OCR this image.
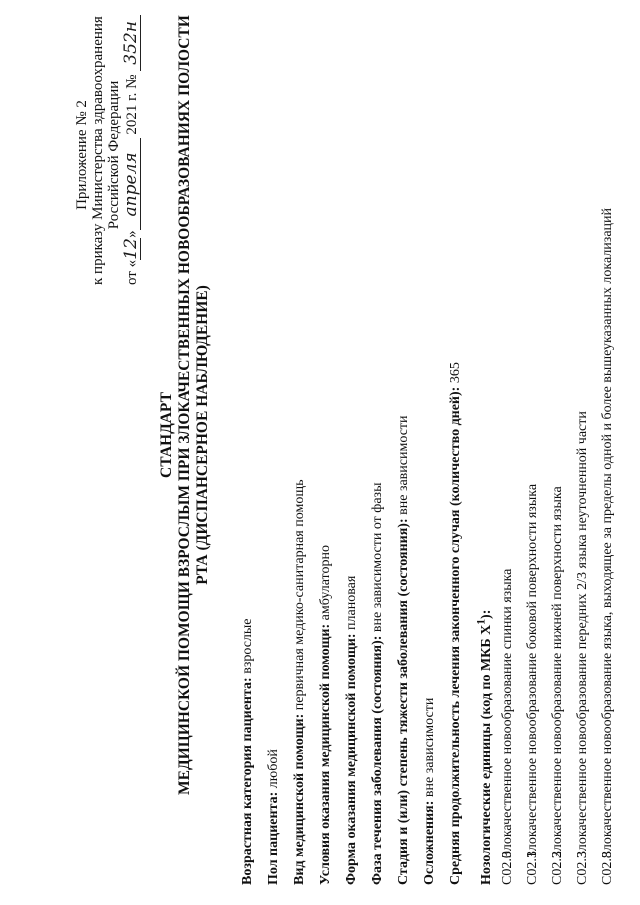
Приложение № 2 к приказу Министерства здравоохранения Российской Федерации
от «12»апреля 2021 г. № 352н
СТАНДАРТ МЕДИЦИНСКОЙ ПОМОЩИ ВЗРОСЛЫМ ПРИ ЗЛОКАЧЕСТВЕННЫХ НОВООБРАЗОВАНИЯХ ПОЛОСТИ РТА (ДИСПАНСЕРНОЕ НАБЛЮДЕНИЕ)
Возрастная категория пациента: взрослые
Пол пациента: любой Вид медицинской помощи: первичная медико-санитарная помощь
Условия оказания медицинской помощи: амбулаторно
Форма оказания медицинской помощи: плановая
Фаза течения заболевания (состояния): вне зависимости от фазы Стадия и (или) степень тяжести заболевания (состояния): вне зависимости
Осложнения: вне зависимости Средняя продолжительность лечения законченного случая (количество дней): 365
Нозологические единицы (код по МКБ $X^1$):
C02.0Злокачественное новообразование спинки языка
C02.1Злокачественное новообразование боковой поверхности языка
C02.2Злокачественное новообразование нижней поверхности языка
C02.3Злокачественное новообразование передних 2/3 языка неуточненной части
C02.8Злокачественное новообразование языка, выходящее за пределы одной и более вышеуказанных локализаций
